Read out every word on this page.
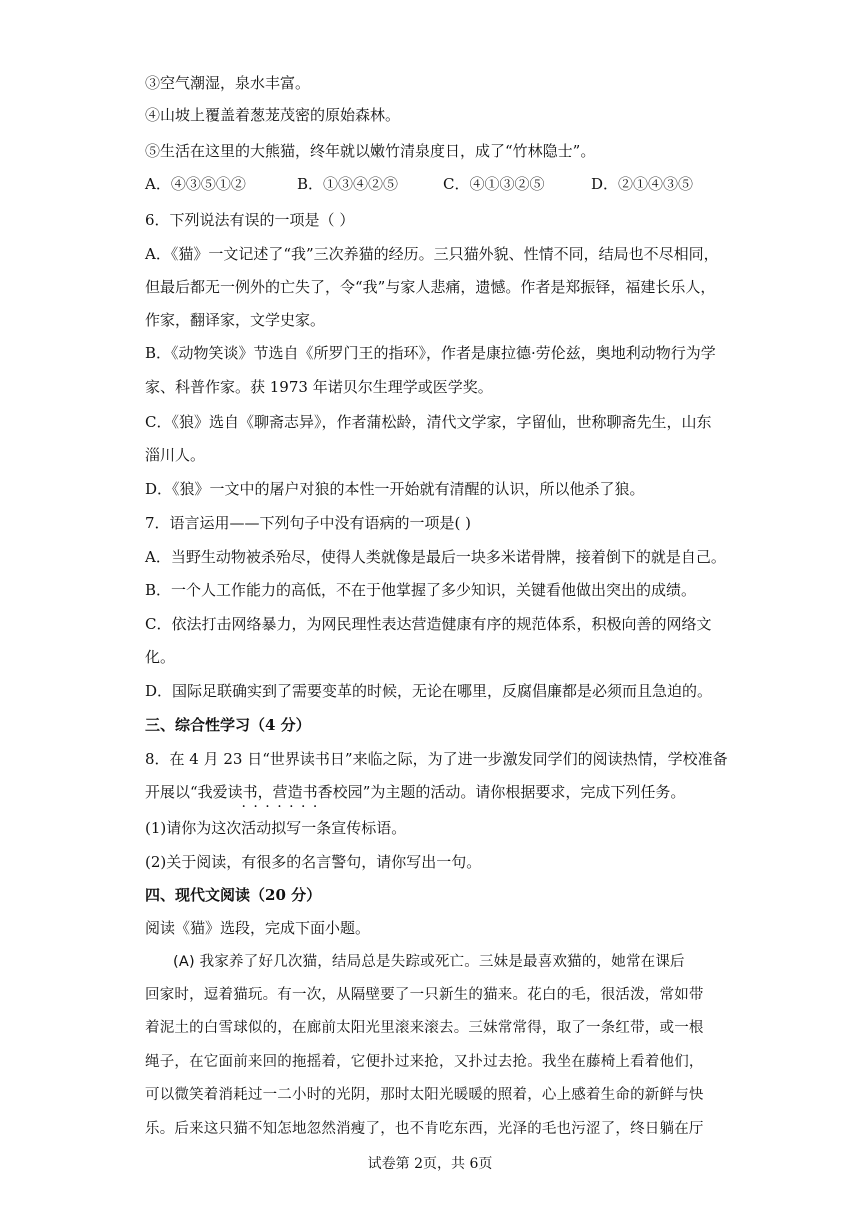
③空气潮湿，泉水丰富。
④山坡上覆盖着葱茏茂密的原始森林。
⑤生活在这里的大熊猫，终年就以嫩竹清泉度日，成了“竹林隐士”。
A．④③⑤①②	B．①③④②⑤	C．④①③②⑤	D．②①④③⑤
6．下列说法有误的一项是（ ）
A．《猫》一文记述了“我”三次养猫的经历。三只猫外貌、性情不同，结局也不尽相同，
但最后都无一例外的亡失了，令“我”与家人悲痛，遗憾。作者是郑振铎，福建长乐人，
作家，翻译家，文学史家。
B．《动物笑谈》节选自《所罗门王的指环》，作者是康拉德·劳伦兹，奥地利动物行为学
家、科普作家。获 1973 年诺贝尔生理学或医学奖。
C．《狼》选自《聊斋志异》，作者蒲松龄，清代文学家，字留仙，世称聊斋先生，山东
淄川人。
D．《狼》一文中的屠户对狼的本性一开始就有清醒的认识，所以他杀了狼。
7．语言运用——下列句子中没有语病的一项是( )
A．当野生动物被杀殆尽，使得人类就像是最后一块多米诺骨牌，接着倒下的就是自己。
B．一个人工作能力的高低，不在于他掌握了多少知识，关键看他做出突出的成绩。
C．依法打击网络暴力，为网民理性表达营造健康有序的规范体系，积极向善的网络文
化。
D．国际足联确实到了需要变革的时候，无论在哪里，反腐倡廉都是必须而且急迫的。
三、综合性学习（4 分）
8．在 4 月 23 日“世界读书日”来临之际，为了进一步激发同学们的阅读热情，学校准备
开展以“我爱读书，营造书香校园 · · ·”为主题的活动。请你根据要求，完成下列任务。
(1)请你为这次活动拟写一条宣传标语。
(2)关于阅读，有很多的名言警句，请你写出一句。
四、现代文阅读（20 分）
阅读《猫》选段，完成下面小题。
(A) 我家养了好几次猫，结局总是失踪或死亡。三妹是最喜欢猫的，她常在课后
回家时，逗着猫玩。有一次，从隔壁要了一只新生的猫来。花白的毛，很活泼，常如带
着泥土的白雪球似的，在廊前太阳光里滚来滚去。三妹常常得，取了一条红带，或一根
绳子，在它面前来回的拖摇着，它便扑过来抢，又扑过去抢。我坐在藤椅上看着他们，
可以微笑着消耗过一二小时的光阴，那时太阳光暖暖的照着，心上感着生命的新鲜与快
乐。后来这只猫不知怎地忽然消瘦了，也不肯吃东西，光泽的毛也污涩了，终日躺在厅
试卷第 2页，共 6页
